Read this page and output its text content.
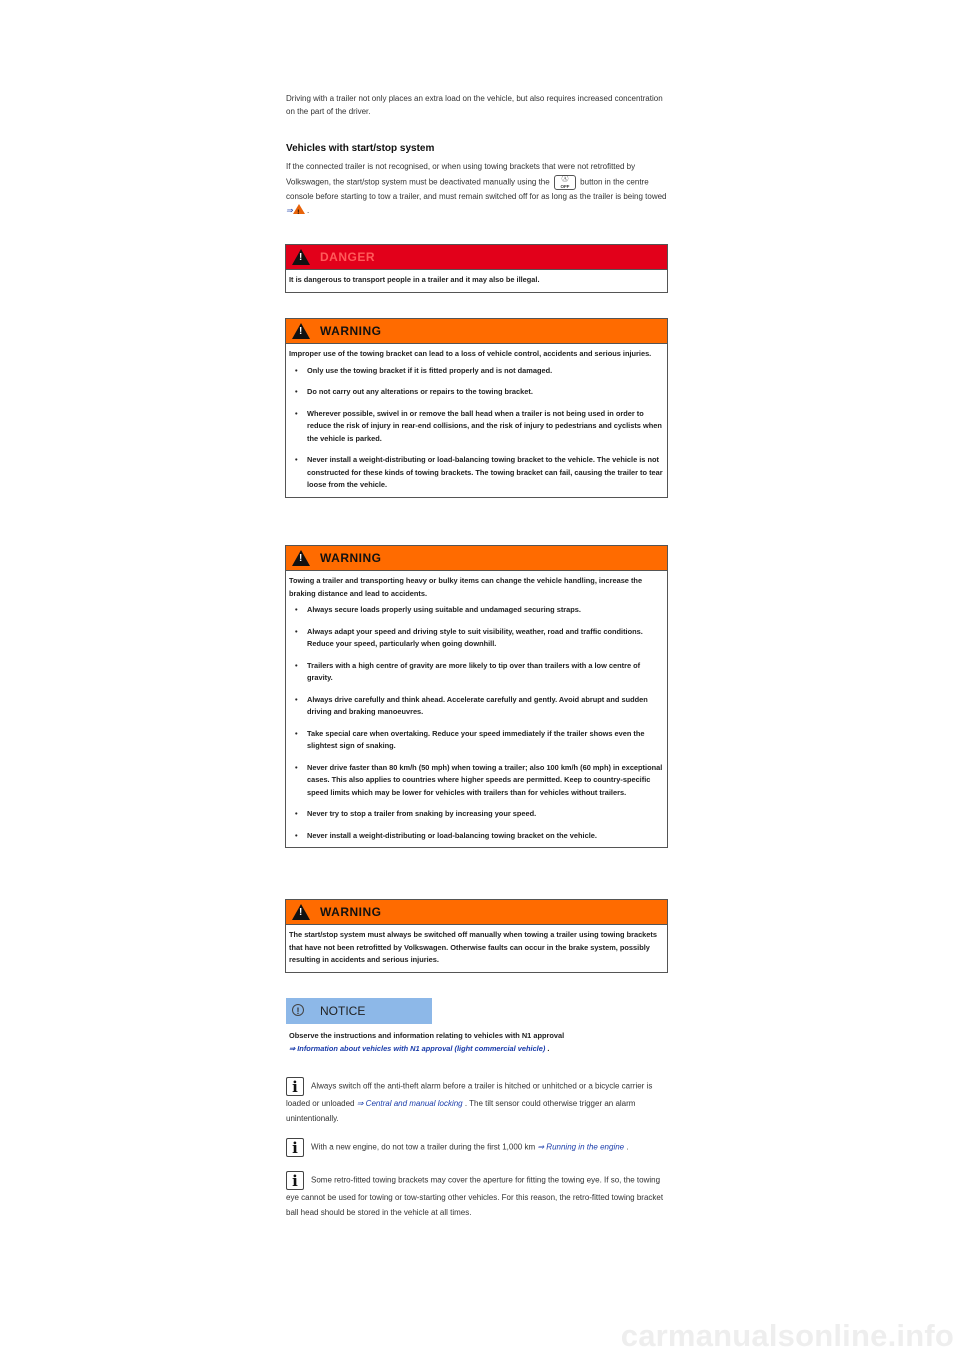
Driving with a trailer not only places an extra load on the vehicle, but also requires increased concentration on the part of the driver.
Vehicles with start/stop system
If the connected trailer is not recognised, or when using towing brackets that were not retrofitted by Volkswagen, the start/stop system must be deactivated manually using the	Ⓐ
OFF	button in the centre console before starting to tow a trailer, and must remain switched off for as long as the trailer is being towed ⇒! .
!
DANGER
It is dangerous to transport people in a trailer and it may also be illegal.
!
WARNING
Improper use of the towing bracket can lead to a loss of vehicle control, accidents and serious injuries.
• Only use the towing bracket if it is fitted properly and is not damaged.
• Do not carry out any alterations or repairs to the towing bracket.
• Wherever possible, swivel in or remove the ball head when a trailer is not being used in order to reduce the risk of injury in rear-end collisions, and the risk of injury to pedestrians and cyclists when the vehicle is parked.
• Never install a weight-distributing or load-balancing towing bracket to the vehicle. The vehicle is not constructed for these kinds of towing brackets. The towing bracket can fail, causing the trailer to tear loose from the vehicle.
!
WARNING
Towing a trailer and transporting heavy or bulky items can change the vehicle handling, increase the braking distance and lead to accidents.
• Always secure loads properly using suitable and undamaged securing straps.
• Always adapt your speed and driving style to suit visibility, weather, road and traffic conditions. Reduce your speed, particularly when going downhill.
• Trailers with a high centre of gravity are more likely to tip over than trailers with a low centre of gravity.
• Always drive carefully and think ahead. Accelerate carefully and gently. Avoid abrupt and sudden driving and braking manoeuvres.
• Take special care when overtaking. Reduce your speed immediately if the trailer shows even the slightest sign of snaking.
• Never drive faster than 80 km/h (50 mph) when towing a trailer; also 100 km/h (60 mph) in exceptional cases. This also applies to countries where higher speeds are permitted. Keep to country-specific speed limits which may be lower for vehicles with trailers than for vehicles without trailers.
• Never try to stop a trailer from snaking by increasing your speed.
• Never install a weight-distributing or load-balancing towing bracket on the vehicle.
!
WARNING
The start/stop system must always be switched off manually when towing a trailer using towing brackets that have not been retrofitted by Volkswagen. Otherwise faults can occur in the brake system, possibly resulting in accidents and serious injuries.
!	NOTICE
Observe the instructions and information relating to vehicles with N1 approval
⇒ Information about vehicles with N1 approval (light commercial vehicle) .
i	Always switch off the anti-theft alarm before a trailer is hitched or unhitched or a bicycle carrier is loaded or unloaded ⇒ Central and manual locking . The tilt sensor could otherwise trigger an alarm unintentionally.
i	With a new engine, do not tow a trailer during the first 1,000 km ⇒ Running in the engine .
i	Some retro-fitted towing brackets may cover the aperture for fitting the towing eye. If so, the towing eye cannot be used for towing or tow-starting other vehicles. For this reason, the retro-fitted towing bracket ball head should be stored in the vehicle at all times.
carmanualsonline.info
